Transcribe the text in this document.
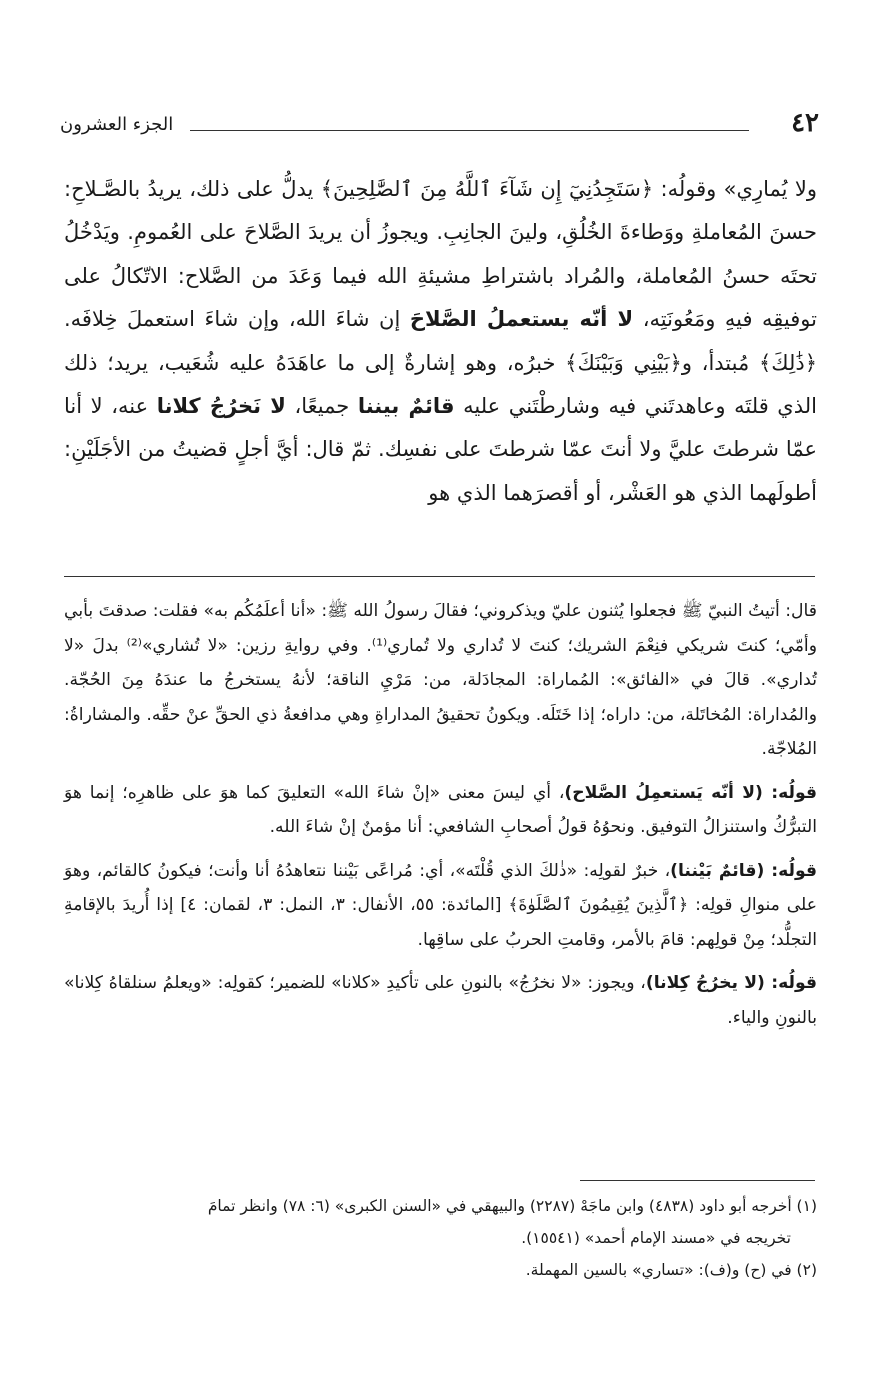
٤٢
الجزء العشرون

ولا يُمارِي» وقولُه: ﴿سَتَجِدُنِيٓ إِن شَآءَ ٱللَّهُ مِنَ ٱلصَّٰلِحِينَ﴾ يدلُّ على ذلك، يريدُ بالصَّـلاحِ: حسنَ المُعاملةِ ووَطاءةَ الخُلُقِ، ولينَ الجانِبِ. ويجوزُ أن يريدَ الصَّلاحَ على العُمومِ. ويَدْخُلُ تحتَه حسنُ المُعاملة، والمُراد باشتراطِ مشيئةِ الله فيما وَعَدَ من الصَّلاح: الاتّكالُ على توفيقِه فيهِ ومَعُونَتِه، لا أنّه يستعملُ الصَّلاحَ إن شاءَ الله، وإن شاءَ استعملَ خِلافَه. ﴿ذَٰلِكَ﴾ مُبتدأ، و﴿بَيْنِي وَبَيْنَكَ﴾ خبرُه، وهو إشارةٌ إلى ما عاهَدَهُ عليه شُعَيب، يريد؛ ذلك الذي قلتَه وعاهدتَني فيه وشارطْتَني عليه قائمٌ بيننا جميعًا، لا نَخرُجُ كلانا عنه، لا أنا عمّا شرطتَ عليَّ ولا أنتَ عمّا شرطتَ على نفسِك. ثمّ قال: أيَّ أجلٍ قضيتُ من الأجَلَيْنِ: أطولَهما الذي هو العَشْر، أو أقصرَهما الذي هو

قال: أتيتُ النبيّ ﷺ فجعلوا يُثنون عليّ ويذكروني؛ فقالَ رسولُ الله ﷺ: «أنا أعلَمُكُم به» فقلت: صدقتَ بأبي وأمّي؛ كنتَ شريكي فنِعْمَ الشريك؛ كنتَ لا تُداري ولا تُماري⁽¹⁾. وفي روايةِ رزين: «لا تُشاري»⁽²⁾ بدلَ «لا تُداري». قالَ في «الفائق»: المُماراة: المجادَلة، من: مَرْيِ الناقة؛ لأنهُ يستخرجُ ما عندَهُ مِنَ الحُجّة. والمُداراة: المُخاتَلة، من: داراه؛ إذا خَتَلَه. ويكونُ تحقيقُ المداراةِ وهي مدافعةُ ذي الحقِّ عنْ حقِّه. والمشاراةُ: المُلاجّة.

قولُه: (لا أنّه يَستعمِلُ الصَّلاح)، أي ليسَ معنى «إنْ شاءَ الله» التعليقَ كما هوَ على ظاهرِه؛ إنما هوَ التبرُّكُ واستنزالُ التوفيق. ونحوُهُ قولُ أصحابِ الشافعي: أنا مؤمنٌ إنْ شاءَ الله.

قولُه: (قائمٌ بَيْننا)، خبرٌ لقولِه: «ذٰلكَ الذي قُلْتَه»، أي: مُراعًى بَيْننا نتعاهدُهُ أنا وأنت؛ فيكونُ كالقائم، وهوَ على منوالِ قولِه: ﴿ٱلَّذِينَ يُقِيمُونَ ٱلصَّلَوٰةَ﴾ [المائدة: ٥٥، الأنفال: ٣، النمل: ٣، لقمان: ٤] إذا أُريدَ بالإقامةِ التجلُّد؛ مِنْ قولِهم: قامَ بالأمر، وقامتِ الحربُ على ساقِها.

قولُه: (لا يخرُجُ كِلانا)، ويجوز: «لا نخرُجُ» بالنونِ على تأكيدِ «كلانا» للضمير؛ كقولِه: «ويعلمُ سنلقاهُ كِلانا» بالنونِ والياء.

(١) أخرجه أبو داود (٤٨٣٨) وابن ماجَهْ (٢٢٨٧) والبيهقي في «السنن الكبرى» (٦: ٧٨) وانظر تمامَ

تخريجه في «مسند الإمام أحمد» (١٥٥٤١).

(٢) في (ح) و(ف): «تساري» بالسين المهملة.
